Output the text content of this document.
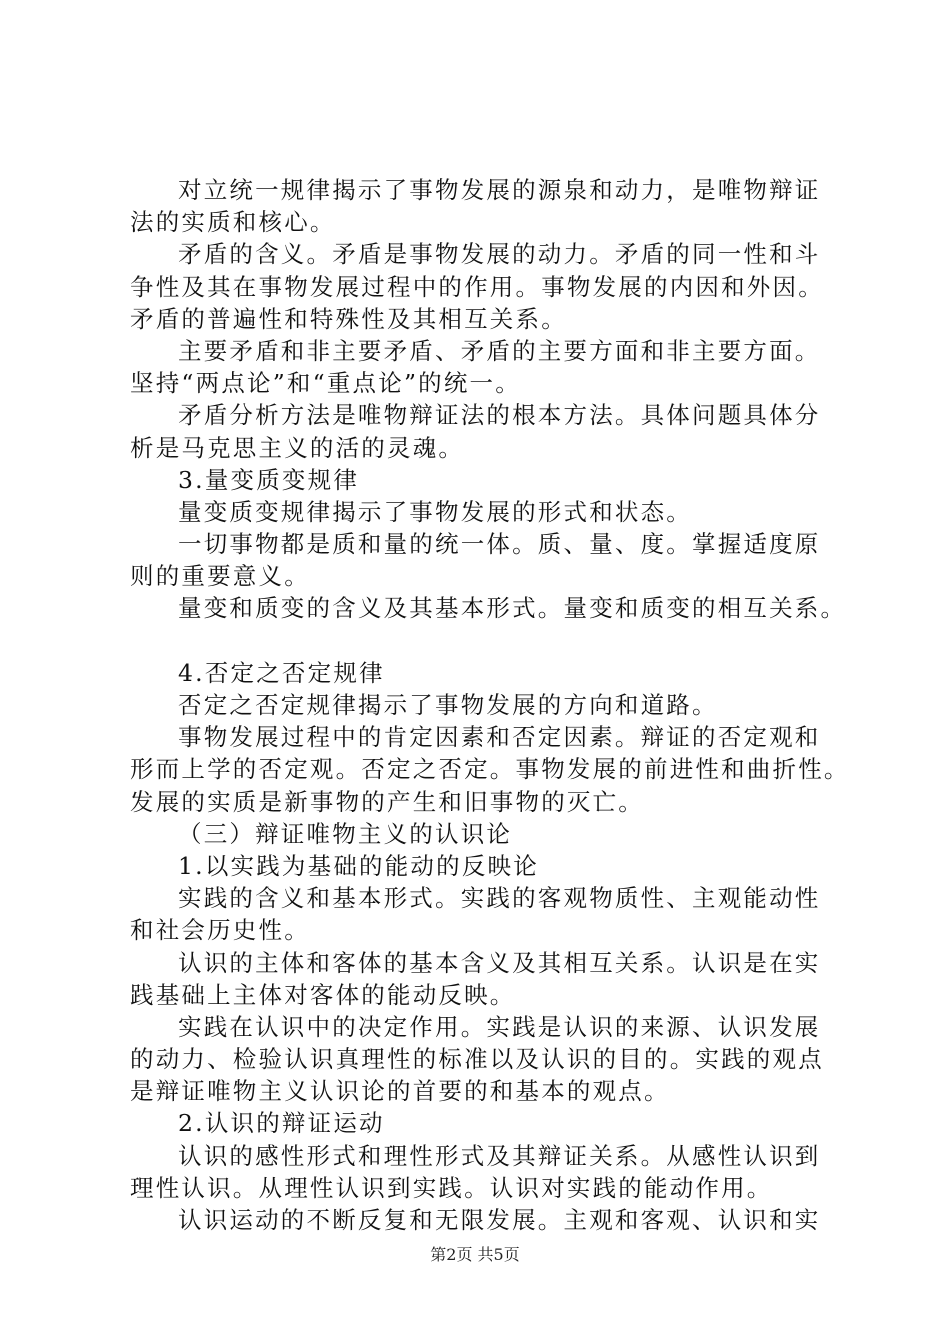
对立统一规律揭示了事物发展的源泉和动力，是唯物辩证
法的实质和核心。
矛盾的含义。矛盾是事物发展的动力。矛盾的同一性和斗
争性及其在事物发展过程中的作用。事物发展的内因和外因。
矛盾的普遍性和特殊性及其相互关系。
主要矛盾和非主要矛盾、矛盾的主要方面和非主要方面。
坚持“两点论”和“重点论”的统一。
矛盾分析方法是唯物辩证法的根本方法。具体问题具体分
析是马克思主义的活的灵魂。
3.量变质变规律
量变质变规律揭示了事物发展的形式和状态。
一切事物都是质和量的统一体。质、量、度。掌握适度原
则的重要意义。
量变和质变的含义及其基本形式。量变和质变的相互关系。
4.否定之否定规律
否定之否定规律揭示了事物发展的方向和道路。
事物发展过程中的肯定因素和否定因素。辩证的否定观和
形而上学的否定观。否定之否定。事物发展的前进性和曲折性。
发展的实质是新事物的产生和旧事物的灭亡。
（三）辩证唯物主义的认识论
1.以实践为基础的能动的反映论
实践的含义和基本形式。实践的客观物质性、主观能动性
和社会历史性。
认识的主体和客体的基本含义及其相互关系。认识是在实
践基础上主体对客体的能动反映。
实践在认识中的决定作用。实践是认识的来源、认识发展
的动力、检验认识真理性的标准以及认识的目的。实践的观点
是辩证唯物主义认识论的首要的和基本的观点。
2.认识的辩证运动
认识的感性形式和理性形式及其辩证关系。从感性认识到
理性认识。从理性认识到实践。认识对实践的能动作用。
认识运动的不断反复和无限发展。主观和客观、认识和实
第2页 共5页
